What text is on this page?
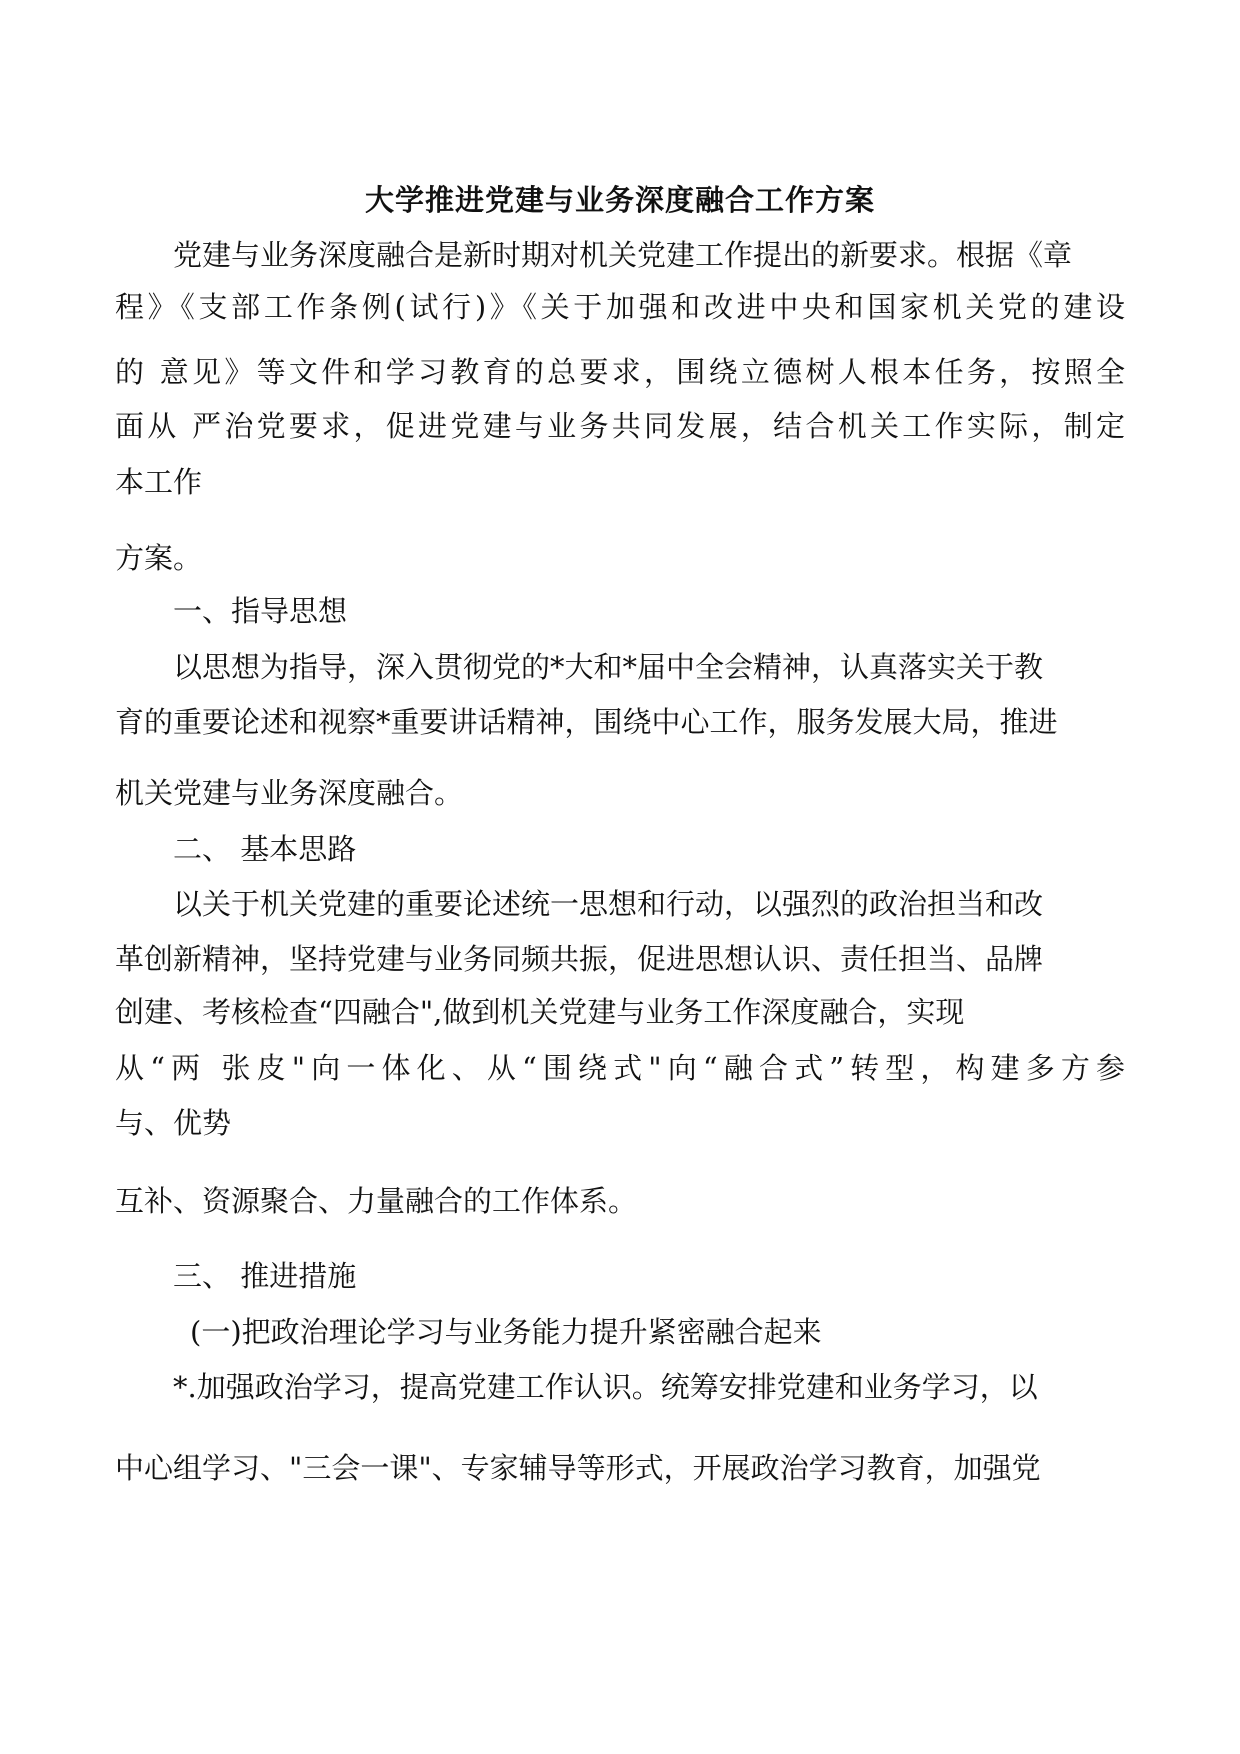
大学推进党建与业务深度融合工作方案
党建与业务深度融合是新时期对机关党建工作提出的新要求。根据《章
程》《支部工作条例(试行)》《关于加强和改进中央和国家机关党的建设
的 意见》等文件和学习教育的总要求，围绕立德树人根本任务，按照全
面从 严治党要求，促进党建与业务共同发展，结合机关工作实际，制定
本工作
方案。
一、指导思想
以思想为指导，深入贯彻党的*大和*届中全会精神，认真落实关于教
育的重要论述和视察*重要讲话精神，围绕中心工作，服务发展大局，推进
机关党建与业务深度融合。
二、 基本思路
以关于机关党建的重要论述统一思想和行动，以强烈的政治担当和改
革创新精神，坚持党建与业务同频共振，促进思想认识、责任担当、品牌
创建、考核检查“四融合",做到机关党建与业务工作深度融合，实现
从“两 张皮"向一体化、从“围绕式"向“融合式”转型，构建多方参
与、优势
互补、资源聚合、力量融合的工作体系。
三、 推进措施
(一)把政治理论学习与业务能力提升紧密融合起来
*.加强政治学习，提高党建工作认识。统筹安排党建和业务学习，以
中心组学习、"三会一课"、专家辅导等形式，开展政治学习教育，加强党
